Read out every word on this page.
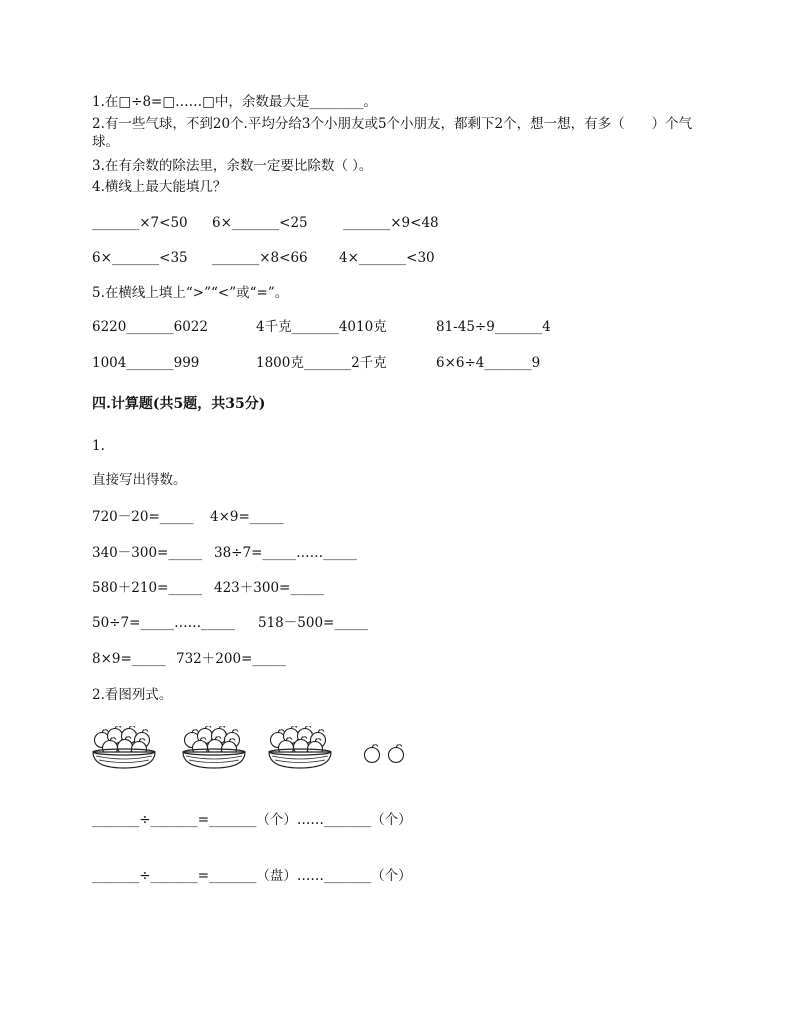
1.在□÷8=□……□中，余数最大是________。
2.有一些气球，不到20个.平均分给3个小朋友或5个小朋友，都剩下2个，想一想，有多（　　）个气球。
3.在有余数的除法里，余数一定要比除数（ ）。
4.横线上最大能填几？
_______×7<50 6×_______<25	_______×9<48
6×_______<35 _______×8<66 4×_______<30
5.在横线上填上“>”“<”或“=”。
6220_______6022	4千克_______4010克	81-45÷9_______4
1004_______999	1800克_______2千克	6×6÷4_______9
四.计算题(共5题，共35分)
1.
直接写出得数。
720－20=_____ 4×9=_____
340－300=_____ 38÷7=_____……_____
580＋210=_____ 423＋300=_____
50÷7=_____……_____ 518－500=_____
8×9=_____ 732＋200=_____
2.看图列式。
_______÷_______=_______（个）……_______（个）
_______÷_______=_______（盘）……_______（个）
